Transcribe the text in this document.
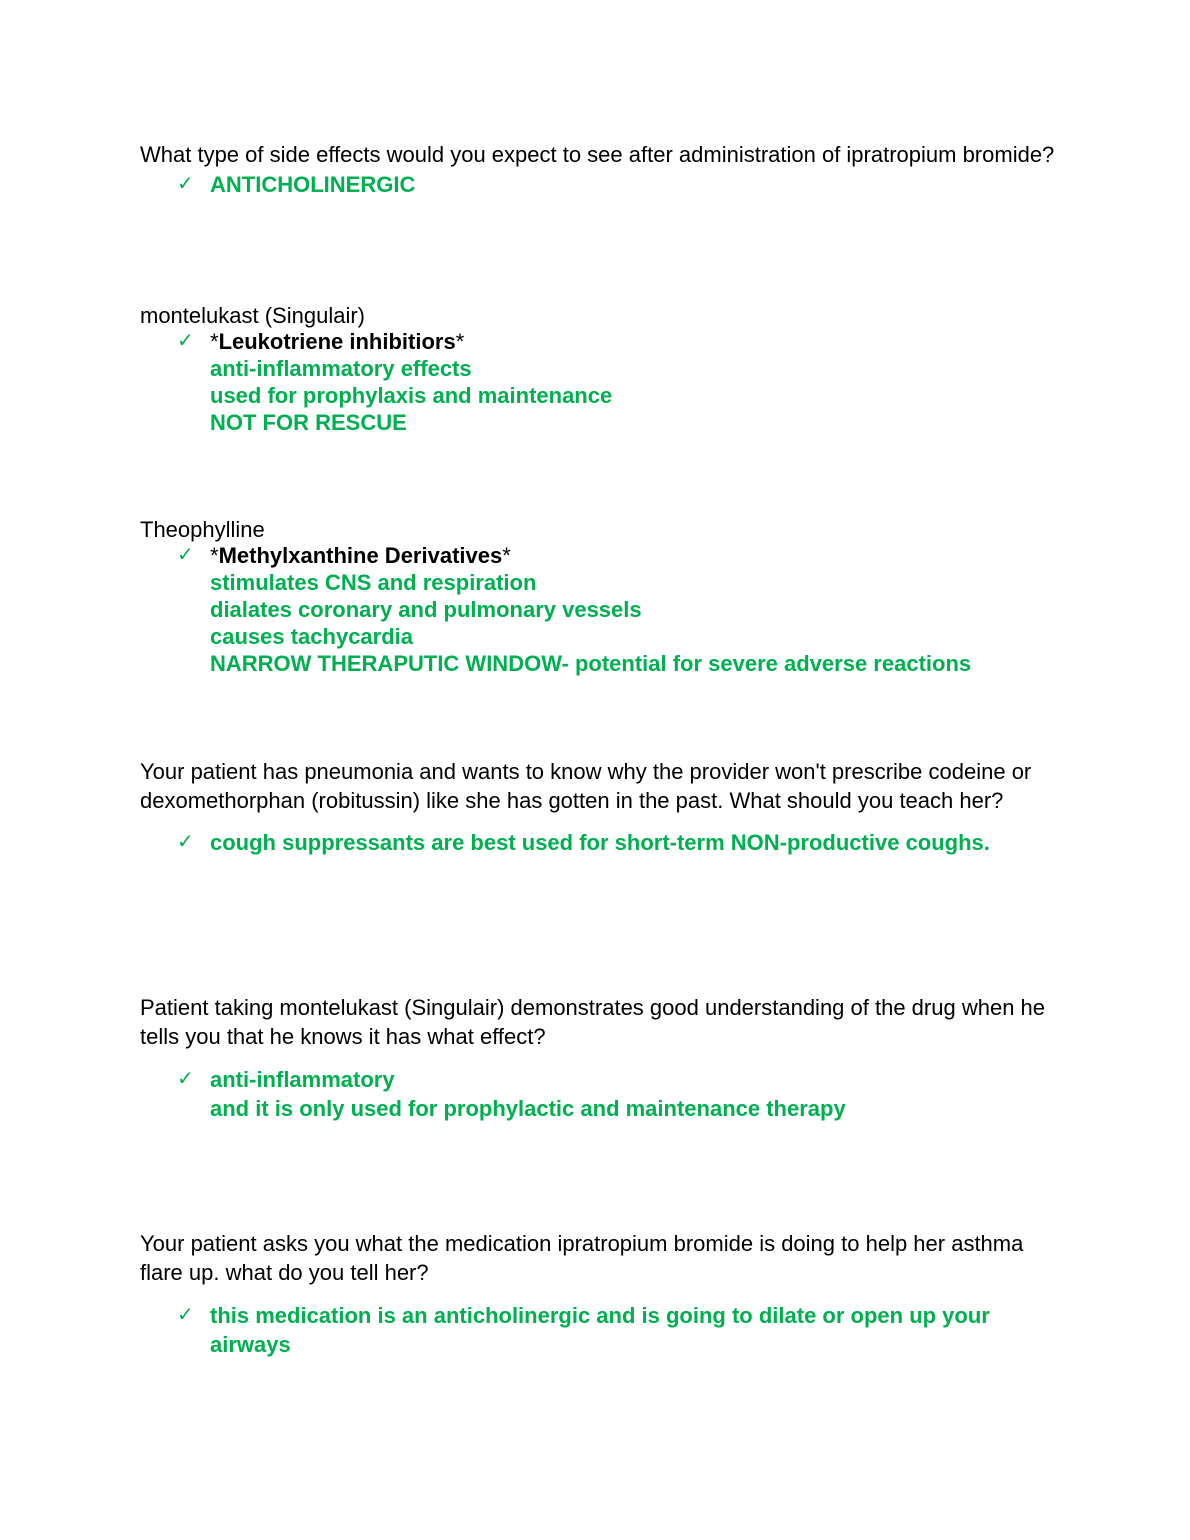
What type of side effects would you expect to see after administration of ipratropium bromide?
✓ ANTICHOLINERGIC
montelukast (Singulair)
✓ *Leukotriene inhibitiors*
anti-inflammatory effects
used for prophylaxis and maintenance
NOT FOR RESCUE
Theophylline
✓ *Methylxanthine Derivatives*
stimulates CNS and respiration
dialates coronary and pulmonary vessels
causes tachycardia
NARROW THERAPUTIC WINDOW- potential for severe adverse reactions
Your patient has pneumonia and wants to know why the provider won't prescribe codeine or dexomethorphan (robitussin) like she has gotten in the past. What should you teach her?
✓ cough suppressants are best used for short-term NON-productive coughs.
Patient taking montelukast (Singulair) demonstrates good understanding of the drug when he tells you that he knows it has what effect?
✓ anti-inflammatory
and it is only used for prophylactic and maintenance therapy
Your patient asks you what the medication ipratropium bromide is doing to help her asthma flare up. what do you tell her?
✓ this medication is an anticholinergic and is going to dilate or open up your airways
